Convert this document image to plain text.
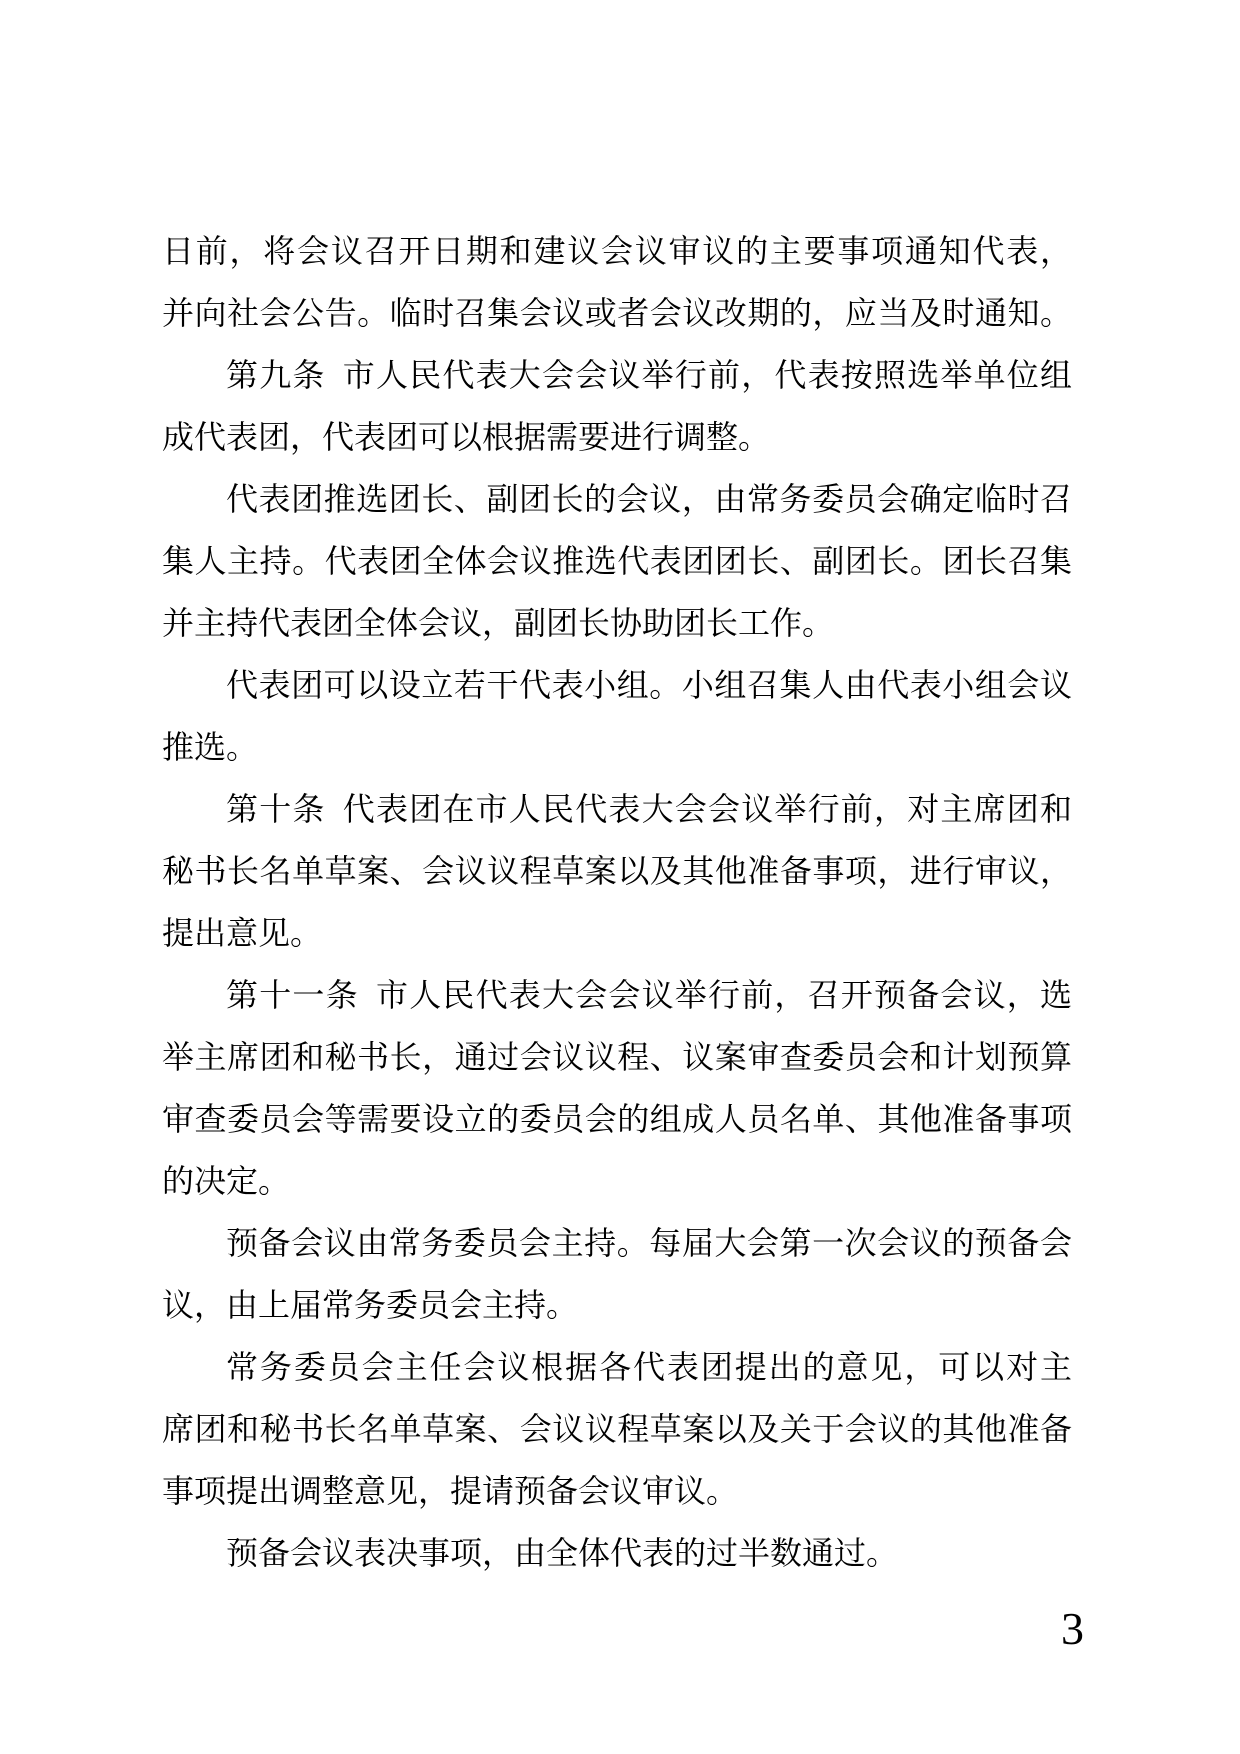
日前，将会议召开日期和建议会议审议的主要事项通知代表，
并向社会公告。临时召集会议或者会议改期的，应当及时通知。
第九条 市人民代表大会会议举行前，代表按照选举单位组
成代表团，代表团可以根据需要进行调整。
代表团推选团长、副团长的会议，由常务委员会确定临时召
集人主持。代表团全体会议推选代表团团长、副团长。团长召集
并主持代表团全体会议，副团长协助团长工作。
代表团可以设立若干代表小组。小组召集人由代表小组会议
推选。
第十条 代表团在市人民代表大会会议举行前，对主席团和
秘书长名单草案、会议议程草案以及其他准备事项，进行审议，
提出意见。
第十一条 市人民代表大会会议举行前，召开预备会议，选
举主席团和秘书长，通过会议议程、议案审查委员会和计划预算
审查委员会等需要设立的委员会的组成人员名单、其他准备事项
的决定。
预备会议由常务委员会主持。每届大会第一次会议的预备会
议，由上届常务委员会主持。
常务委员会主任会议根据各代表团提出的意见，可以对主
席团和秘书长名单草案、会议议程草案以及关于会议的其他准备
事项提出调整意见，提请预备会议审议。
预备会议表决事项，由全体代表的过半数通过。
3
